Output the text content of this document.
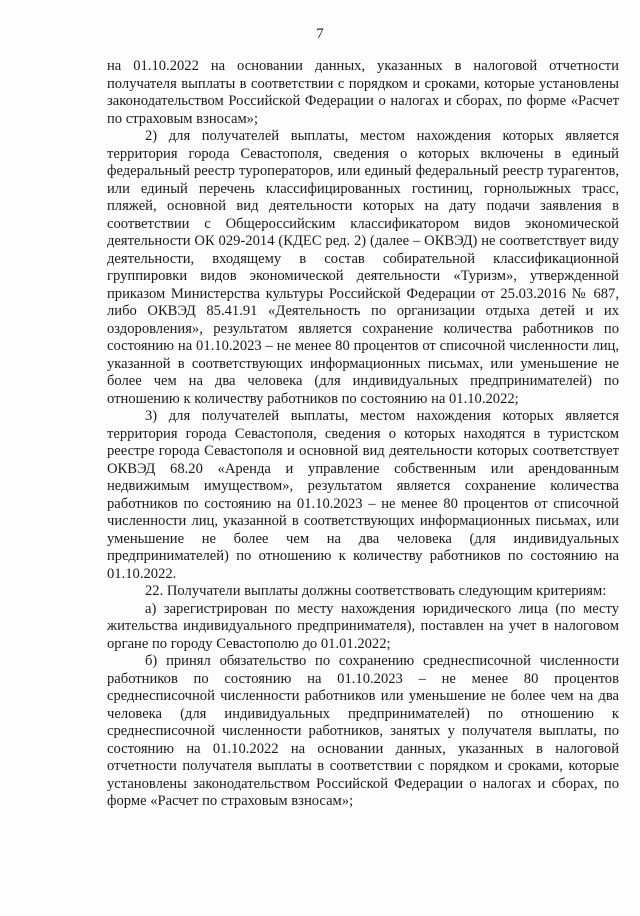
7

на 01.10.2022 на основании данных, указанных в налоговой отчетности получателя выплаты в соответствии с порядком и сроками, которые установлены законодательством Российской Федерации о налогах и сборах, по форме «Расчет по страховым взносам»;

2) для получателей выплаты, местом нахождения которых является территория города Севастополя, сведения о которых включены в единый федеральный реестр туроператоров, или единый федеральный реестр турагентов, или единый перечень классифицированных гостиниц, горнолыжных трасс, пляжей, основной вид деятельности которых на дату подачи заявления в соответствии с Общероссийским классификатором видов экономической деятельности ОК 029-2014 (КДЕС ред. 2) (далее – ОКВЭД) не соответствует виду деятельности, входящему в состав собирательной классификационной группировки видов экономической деятельности «Туризм», утвержденной приказом Министерства культуры Российской Федерации от 25.03.2016 № 687, либо ОКВЭД 85.41.91 «Деятельность по организации отдыха детей и их оздоровления», результатом является сохранение количества работников по состоянию на 01.10.2023 – не менее 80 процентов от списочной численности лиц, указанной в соответствующих информационных письмах, или уменьшение не более чем на два человека (для индивидуальных предпринимателей) по отношению к количеству работников по состоянию на 01.10.2022;

3) для получателей выплаты, местом нахождения которых является территория города Севастополя, сведения о которых находятся в туристском реестре города Севастополя и основной вид деятельности которых соответствует ОКВЭД 68.20 «Аренда и управление собственным или арендованным недвижимым имуществом», результатом является сохранение количества работников по состоянию на 01.10.2023 – не менее 80 процентов от списочной численности лиц, указанной в соответствующих информационных письмах, или уменьшение не более чем на два человека (для индивидуальных предпринимателей) по отношению к количеству работников по состоянию на 01.10.2022.

22. Получатели выплаты должны соответствовать следующим критериям:

а) зарегистрирован по месту нахождения юридического лица (по месту жительства индивидуального предпринимателя), поставлен на учет в налоговом органе по городу Севастополю до 01.01.2022;

б) принял обязательство по сохранению среднесписочной численности работников по состоянию на 01.10.2023 – не менее 80 процентов среднесписочной численности работников или уменьшение не более чем на два человека (для индивидуальных предпринимателей) по отношению к среднесписочной численности работников, занятых у получателя выплаты, по состоянию на 01.10.2022 на основании данных, указанных в налоговой отчетности получателя выплаты в соответствии с порядком и сроками, которые установлены законодательством Российской Федерации о налогах и сборах, по форме «Расчет по страховым взносам»;
